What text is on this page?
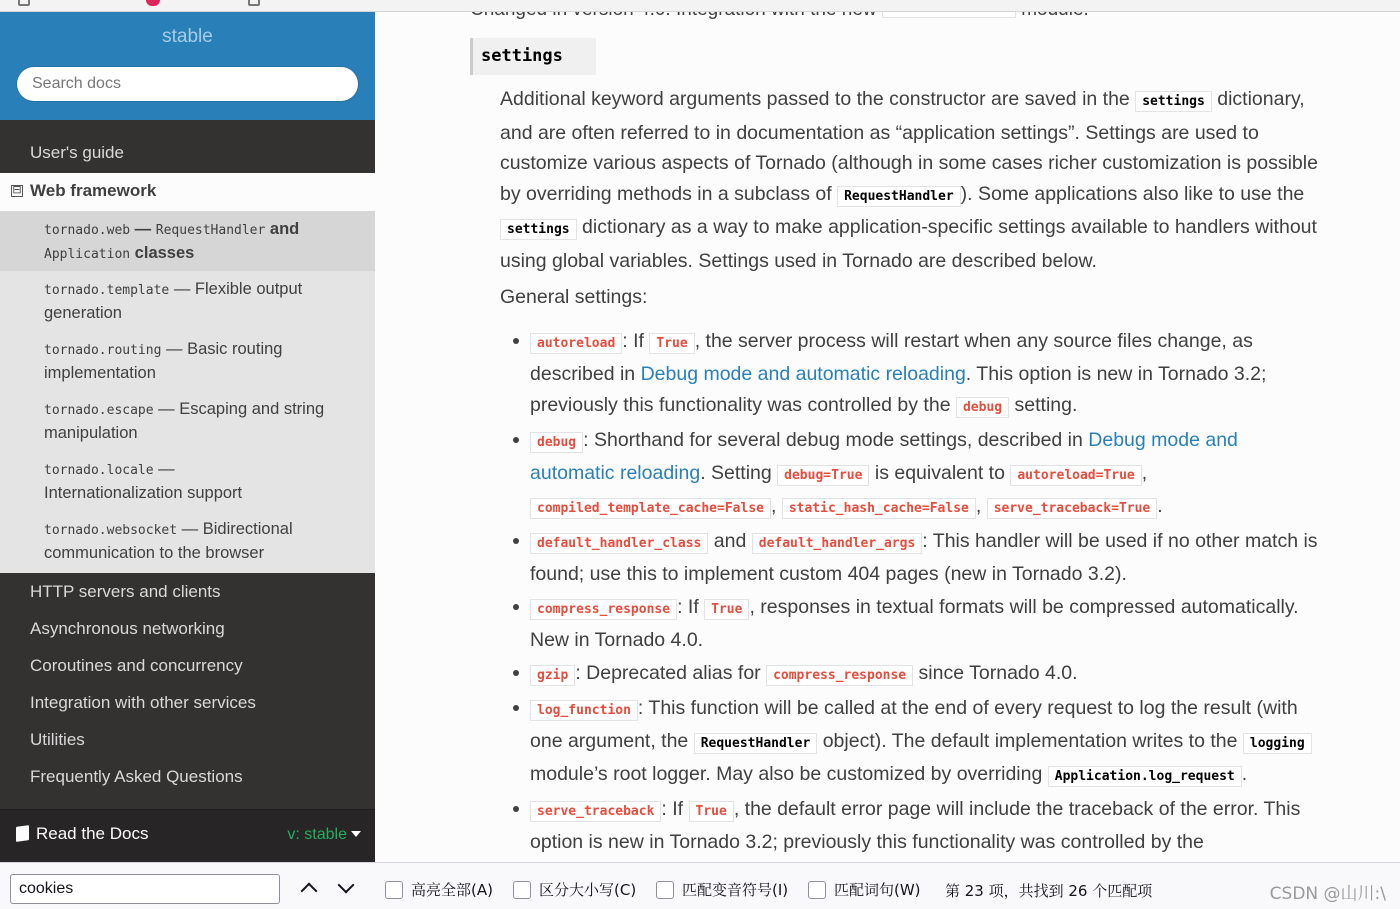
stable
Search docs
User's guide
⊟ Web framework
tornado.web — RequestHandler and Application classes
tornado.template — Flexible output generation
tornado.routing — Basic routing implementation
tornado.escape — Escaping and string manipulation
tornado.locale — Internationalization support
tornado.websocket — Bidirectional communication to the browser
HTTP servers and clients
Asynchronous networking
Coroutines and concurrency
Integration with other services
Utilities
Frequently Asked Questions
Read the Docs	v: stable
settings

Additional keyword arguments passed to the constructor are saved in the settings dictionary, and are often referred to in documentation as “application settings”. Settings are used to customize various aspects of Tornado (although in some cases richer customization is possible by overriding methods in a subclass of RequestHandler ). Some applications also like to use the settings dictionary as a way to make application-specific settings available to handlers without using global variables. Settings used in Tornado are described below.

General settings:

autoreload : If True , the server process will restart when any source files change, as described in Debug mode and automatic reloading. This option is new in Tornado 3.2; previously this functionality was controlled by the debug setting.
debug : Shorthand for several debug mode settings, described in Debug mode and automatic reloading. Setting debug=True is equivalent to autoreload=True , compiled_template_cache=False , static_hash_cache=False , serve_traceback=True .
default_handler_class and default_handler_args : This handler will be used if no other match is found; use this to implement custom 404 pages (new in Tornado 3.2).
compress_response : If True , responses in textual formats will be compressed automatically. New in Tornado 4.0.
gzip : Deprecated alias for compress_response since Tornado 4.0.
log_function : This function will be called at the end of every request to log the result (with one argument, the RequestHandler object). The default implementation writes to the logging module’s root logger. May also be customized by overriding Application.log_request .
serve_traceback : If True , the default error page will include the traceback of the error. This option is new in Tornado 3.2; previously this functionality was controlled by the
cookies
高亮全部(A)	区分大小写(C)	匹配变音符号(I)	匹配词句(W) 第 23 项，共找到 26 个匹配项	CSDN @山川:\
